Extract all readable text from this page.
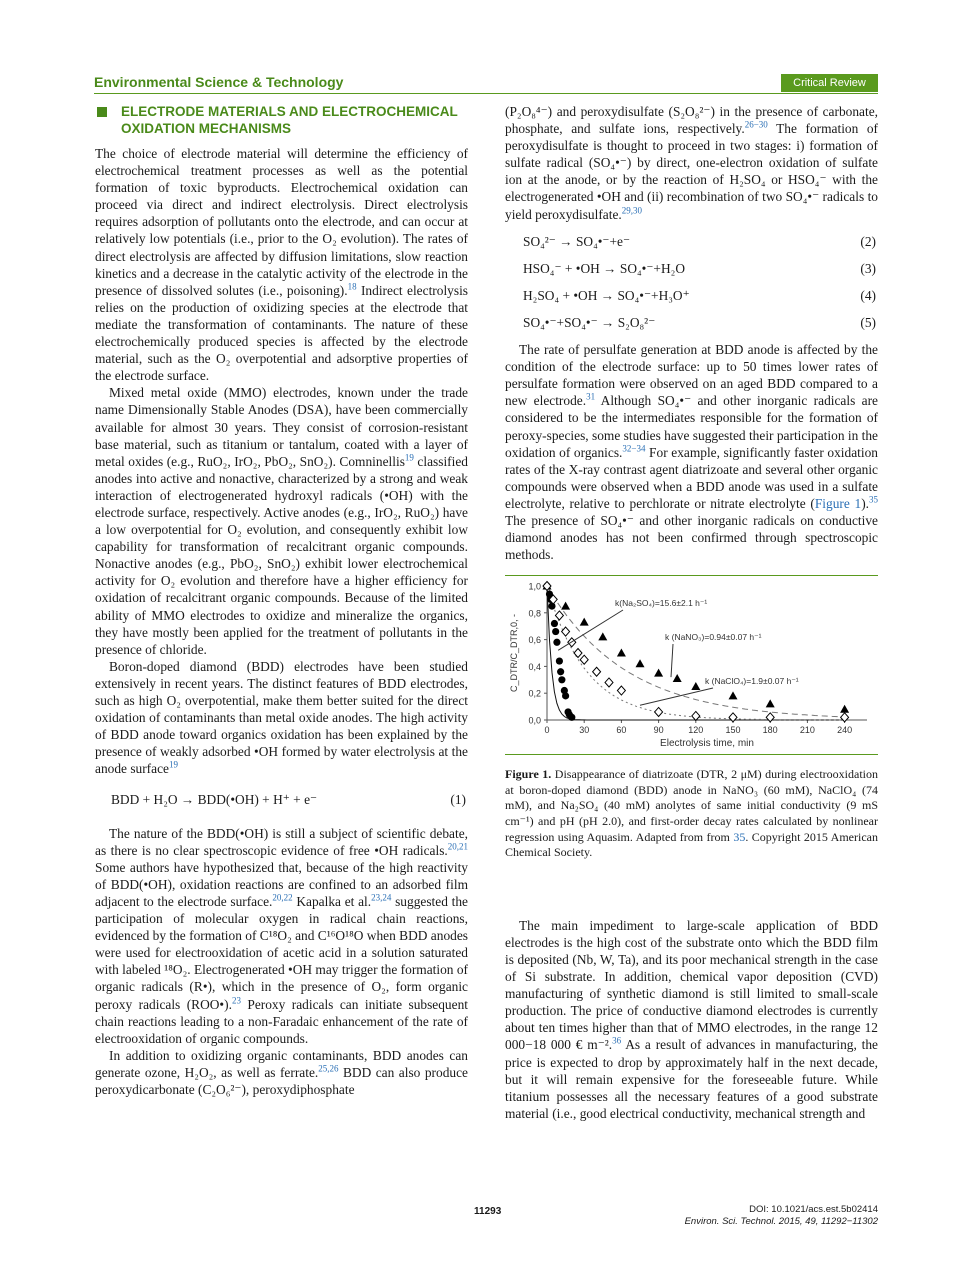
Environmental Science & Technology	Critical Review
ELECTRODE MATERIALS AND ELECTROCHEMICAL OXIDATION MECHANISMS

The choice of electrode material will determine the efficiency of electrochemical treatment processes as well as the potential formation of toxic byproducts. Electrochemical oxidation can proceed via direct and indirect electrolysis. Direct electrolysis requires adsorption of pollutants onto the electrode, and can occur at relatively low potentials (i.e., prior to the O₂ evolution). The rates of direct electrolysis are affected by diffusion limitations, slow reaction kinetics and a decrease in the catalytic activity of the electrode in the presence of dissolved solutes (i.e., poisoning).$^{18}$ Indirect electrolysis relies on the production of oxidizing species at the electrode that mediate the transformation of contaminants. The nature of these electrochemically produced species is affected by the electrode material, such as the O₂ overpotential and adsorptive properties of the electrode surface.

Mixed metal oxide (MMO) electrodes, known under the trade name Dimensionally Stable Anodes (DSA), have been commercially available for almost 30 years. They consist of corrosion-resistant base material, such as titanium or tantalum, coated with a layer of metal oxides (e.g., RuO₂, IrO₂, PbO₂, SnO₂). Comninellis$^{19}$ classified anodes into active and nonactive, characterized by a strong and weak interaction of electrogenerated hydroxyl radicals (•OH) with the electrode surface, respectively. Active anodes (e.g., IrO₂, RuO₂) have a low overpotential for O₂ evolution, and consequently exhibit low capability for transformation of recalcitrant organic compounds. Nonactive anodes (e.g., PbO₂, SnO₂) exhibit lower electrochemical activity for O₂ evolution and therefore have a higher efficiency for oxidation of recalcitrant organic compounds. Because of the limited ability of MMO electrodes to oxidize and mineralize the organics, they have mostly been applied for the treatment of pollutants in the presence of chloride.

Boron-doped diamond (BDD) electrodes have been studied extensively in recent years. The distinct features of BDD electrodes, such as high O₂ overpotential, make them better suited for the direct oxidation of contaminants than metal oxide anodes. The high activity of BDD anode toward organics oxidation has been explained by the presence of weakly adsorbed •OH formed by water electrolysis at the anode surface$^{19}$

BDD + H₂O → BDD(•OH) + H⁺ + e⁻	(1)

The nature of the BDD(•OH) is still a subject of scientific debate, as there is no clear spectroscopic evidence of free •OH radicals.$^{20,21}$ Some authors have hypothesized that, because of the high reactivity of BDD(•OH), oxidation reactions are confined to an adsorbed film adjacent to the electrode surface.$^{20,22}$ Kapalka et al.$^{23,24}$ suggested the participation of molecular oxygen in radical chain reactions, evidenced by the formation of C¹⁸O₂ and C¹⁶O¹⁸O when BDD anodes were used for electrooxidation of acetic acid in a solution saturated with labeled ¹⁸O₂. Electrogenerated •OH may trigger the formation of organic radicals (R•), which in the presence of O₂, form organic peroxy radicals (ROO•).$^{23}$ Peroxy radicals can initiate subsequent chain reactions leading to a non-Faradaic enhancement of the rate of electrooxidation of organic compounds.

In addition to oxidizing organic contaminants, BDD anodes can generate ozone, H₂O₂, as well as ferrate.$^{25,26}$ BDD can also produce peroxydicarbonate (C₂O₆²⁻), peroxydiphosphate

(P₂O₈⁴⁻) and peroxydisulfate (S₂O₈²⁻) in the presence of carbonate, phosphate, and sulfate ions, respectively.$^{26-30}$ The formation of peroxydisulfate is thought to proceed in two stages: i) formation of sulfate radical (SO₄•⁻) by direct, one-electron oxidation of sulfate ion at the anode, or by the reaction of H₂SO₄ or HSO₄⁻ with the electrogenerated •OH and (ii) recombination of two SO₄•⁻ radicals to yield peroxydisulfate.$^{29,30}$

SO₄²⁻ → SO₄•⁻+e⁻	(2)
HSO₄⁻ + •OH → SO₄•⁻+H₂O	(3)
H₂SO₄ + •OH → SO₄•⁻+H₃O⁺	(4)
SO₄•⁻+SO₄•⁻ → S₂O₈²⁻	(5)

The rate of persulfate generation at BDD anode is affected by the condition of the electrode surface: up to 50 times lower rates of persulfate formation were observed on an aged BDD compared to a new electrode.$^{31}$ Although SO₄•⁻ and other inorganic radicals are considered to be the intermediates responsible for the formation of peroxy-species, some studies have suggested their participation in the oxidation of organics.$^{32-34}$ For example, significantly faster oxidation rates of the X-ray contrast agent diatrizoate and several other organic compounds were observed when a BDD anode was used in a sulfate electrolyte, relative to perchlorate or nitrate electrolyte (Figure 1).$^{35}$ The presence of SO₄•⁻ and other inorganic radicals on conductive diamond anodes has not been confirmed through spectroscopic methods.

0,0
0,2
0,4
0,6
0,8
1,0
0	30	60	90	120 150 180 210 240
Electrolysis time, min
C_DTR/C_DTR,0, -
k(Na₂SO₄)=15.6±2.1 h⁻¹
k (NaNO₃)=0.94±0.07 h⁻¹
k (NaClO₄)=1.9±0.07 h⁻¹
Figure 1. Disappearance of diatrizoate (DTR, 2 μM) during electrooxidation at boron-doped diamond (BDD) anode in NaNO₃ (60 mM), NaClO₄ (74 mM), and Na₂SO₄ (40 mM) anolytes of same initial conductivity (9 mS cm⁻¹) and pH (pH 2.0), and first-order decay rates calculated by nonlinear regression using Aquasim. Adapted from from 35. Copyright 2015 American Chemical Society.

The main impediment to large-scale application of BDD electrodes is the high cost of the substrate onto which the BDD film is deposited (Nb, W, Ta), and its poor mechanical strength in the case of Si substrate. In addition, chemical vapor deposition (CVD) manufacturing of synthetic diamond is still limited to small-scale production. The price of conductive diamond electrodes is currently about ten times higher than that of MMO electrodes, in the range 12 000−18 000 € m⁻².$^{36}$ As a result of advances in manufacturing, the price is expected to drop by approximately half in the next decade, but it will remain expensive for the foreseeable future. While titanium possesses all the necessary features of a good substrate material (i.e., good electrical conductivity, mechanical strength and

11293	DOI: 10.1021/acs.est.5b02414
Environ. Sci. Technol. 2015, 49, 11292−11302
